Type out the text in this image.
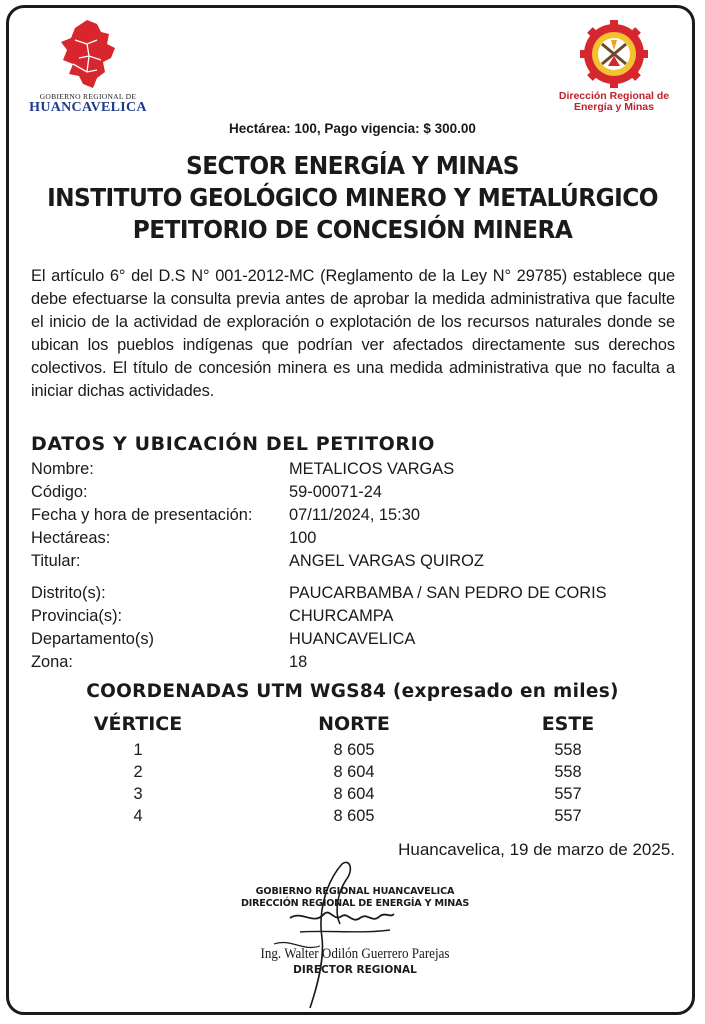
GOBIERNO REGIONAL DE
HUANCAVELICA
Dirección Regional de Energía y Minas
Hectárea: 100, Pago vigencia: $ 300.00
SECTOR ENERGÍA Y MINAS
INSTITUTO GEOLÓGICO MINERO Y METALÚRGICO
PETITORIO DE CONCESIÓN MINERA
El artículo 6° del D.S N° 001-2012-MC (Reglamento de la Ley N° 29785) establece que debe efectuarse la consulta previa antes de aprobar la medida administrativa que faculte el inicio de la actividad de exploración o explotación de los recursos naturales donde se ubican los pueblos indígenas que podrían ver afectados directamente sus derechos colectivos. El título de concesión minera es una medida administrativa que no faculta a iniciar dichas actividades.
DATOS Y UBICACIÓN DEL PETITORIO
Nombre:	METALICOS VARGAS
Código:	59-00071-24
Fecha y hora de presentación: 07/11/2024, 15:30
Hectáreas:	100
Titular:	ANGEL VARGAS QUIROZ
Distrito(s):	PAUCARBAMBA / SAN PEDRO DE CORIS
Provincia(s):	CHURCAMPA
Departamento(s)	HUANCAVELICA
Zona:	18
COORDENADAS UTM WGS84 (expresado en miles)
VÉRTICE	NORTE	ESTE
1	8 605	558
2	8 604	558
3	8 604	557
4	8 605	557
Huancavelica, 19 de marzo de 2025.
GOBIERNO REGIONAL HUANCAVELICA
DIRECCIÓN REGIONAL DE ENERGÍA Y MINAS
Ing. Walter Odilón Guerrero Parejas
DIRECTOR REGIONAL
